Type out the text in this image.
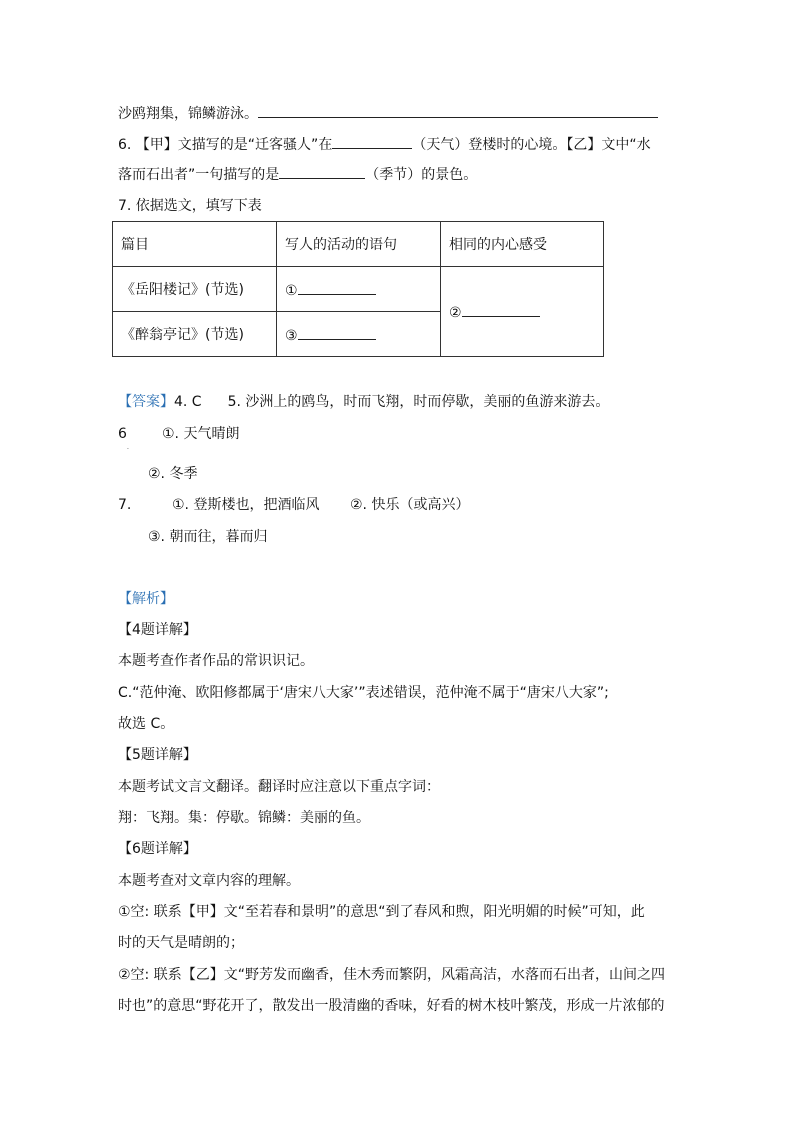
沙鸥翔集，锦鳞游泳。
6. 【甲】文描写的是“迁客骚人”在	（天气）登楼时的心境。【乙】文中“水
落而石出者”一句描写的是	（季节）的景色。
7. 依据选文，填写下表
篇目	写人的活动的语句	相同的内心感受
《岳阳楼记》(节选)	①	②
《醉翁亭记》(节选)	③	
【答案】4. C 5. 沙洲上的鸥鸟，时而飞翔，时而停歇，美丽的鱼游来游去。
6	①. 天气晴朗
·
②. 冬季
7.	①. 登斯楼也，把酒临风 ②. 快乐（或高兴）
③. 朝而往，暮而归
【解析】
【4题详解】
本题考查作者作品的常识识记。
C.“范仲淹、欧阳修都属于‘唐宋八大家’”表述错误，范仲淹不属于“唐宋八大家”;
故选 C。
【5题详解】
本题考试文言文翻译。翻译时应注意以下重点字词：
翔：飞翔。集：停歇。锦鳞：美丽的鱼。
【6题详解】
本题考查对文章内容的理解。
①空: 联系【甲】文“至若春和景明”的意思“到了春风和煦，阳光明媚的时候”可知，此
时的天气是晴朗的；
②空: 联系【乙】文“野芳发而幽香，佳木秀而繁阴，风霜高洁，水落而石出者，山间之四
时也”的意思“野花开了，散发出一股清幽的香味，好看的树木枝叶繁茂，形成一片浓郁的
